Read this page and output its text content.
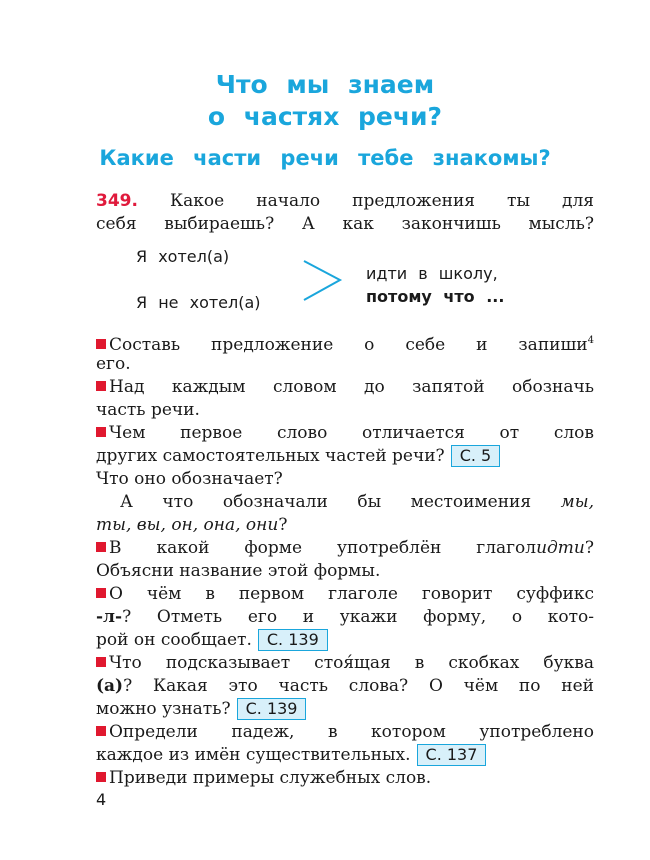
Что мы знаем
о частях речи?
Какие части речи тебе знакомы?
349. Какое начало предложения ты для
себя выбираешь? А как закончишь мысль?
Я хотел(а)
Я не хотел(а)
идти в школу,
потому что ...
Составь предложение о себе и запиши$^4$
его.
Над каждым словом до запятой обозначь
часть речи.
Чем первое слово отличается от слов
других самостоятельных частей речи? С. 5
Что оно обозначает?
А что обозначали бы местоимения мы,
ты, вы, он, она, они?
В какой форме употреблён глаголидти?
Объясни название этой формы.
О чём в первом глаголе говорит суффикс
-л-? Отметь его и укажи форму, о кото-
рой он сообщает. С. 139
Что подсказывает стоя́щая в скобках буква
(а)? Какая это часть слова? О чём по ней
можно узнать? С. 139
Определи падеж, в котором употреблено
каждое из имён существительных. С. 137
Приведи примеры служебных слов.
4
